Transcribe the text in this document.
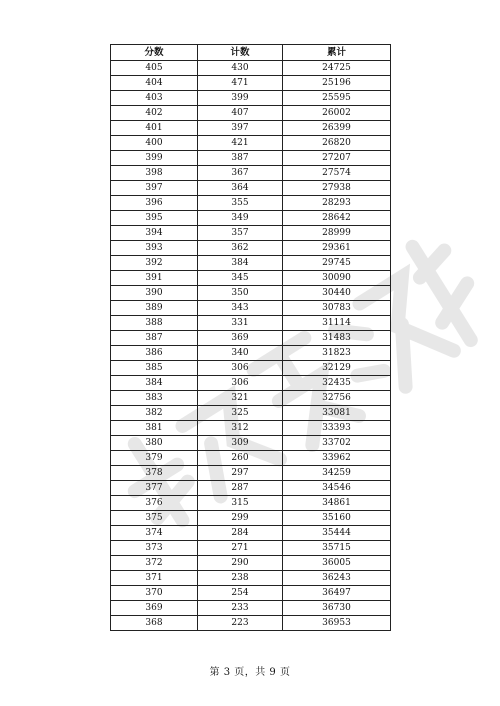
分数	计数	累计
405	430	24725
404	471	25196
403	399	25595
402	407	26002
401	397	26399
400	421	26820
399	387	27207
398	367	27574
397	364	27938
396	355	28293
395	349	28642
394	357	28999
393	362	29361
392	384	29745
391	345	30090
390	350	30440
389	343	30783
388	331	31114
387	369	31483
386	340	31823
385	306	32129
384	306	32435
383	321	32756
382	325	33081
381	312	33393
380	309	33702
379	260	33962
378	297	34259
377	287	34546
376	315	34861
375	299	35160
374	284	35444
373	271	35715
372	290	36005
371	238	36243
370	254	36497
369	233	36730
368	223	36953
第 3 页，共 9 页
